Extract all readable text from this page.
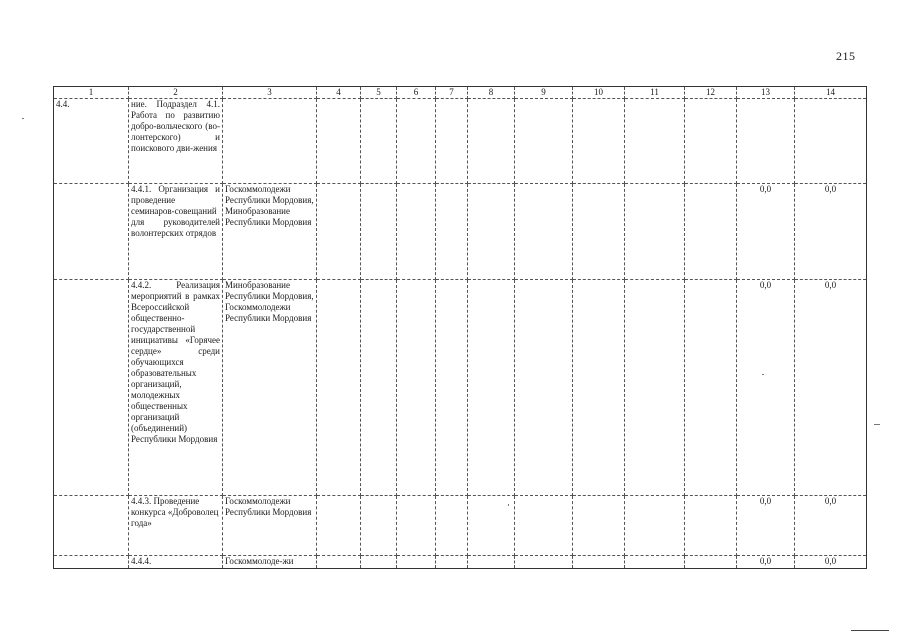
215
1	2	3	4	5	6	7	8	9	10	11	12	13	14
4.4.	ние. Подраздел 4.1. Работа по развитию добро-вольческого (во-лонтерского) и поискового дви-жения												
	4.4.1. Организация и проведение семинаров-совещаний для руководителей волонтерских отрядов	Госкоммолодежи Республики Мордовия, Минобразование Республики Мордовия										0,0	0,0
	4.4.2. Реализация мероприятий в рамках Всероссийской общественно-государственной инициативы «Горячее сердце» среди обучающихся образовательных организаций, молодежных общественных организаций (объединений) Республики Мордовия	Минобразование Республики Мордовия, Госкоммолодежи Республики Мордовия										0,0	0,0
	4.4.3. Проведение конкурса «Доброволец года»	Госкоммолодежи Республики Мордовия										0,0	0,0
	4.4.4.	Госкоммолоде-жи										0,0	0,0
